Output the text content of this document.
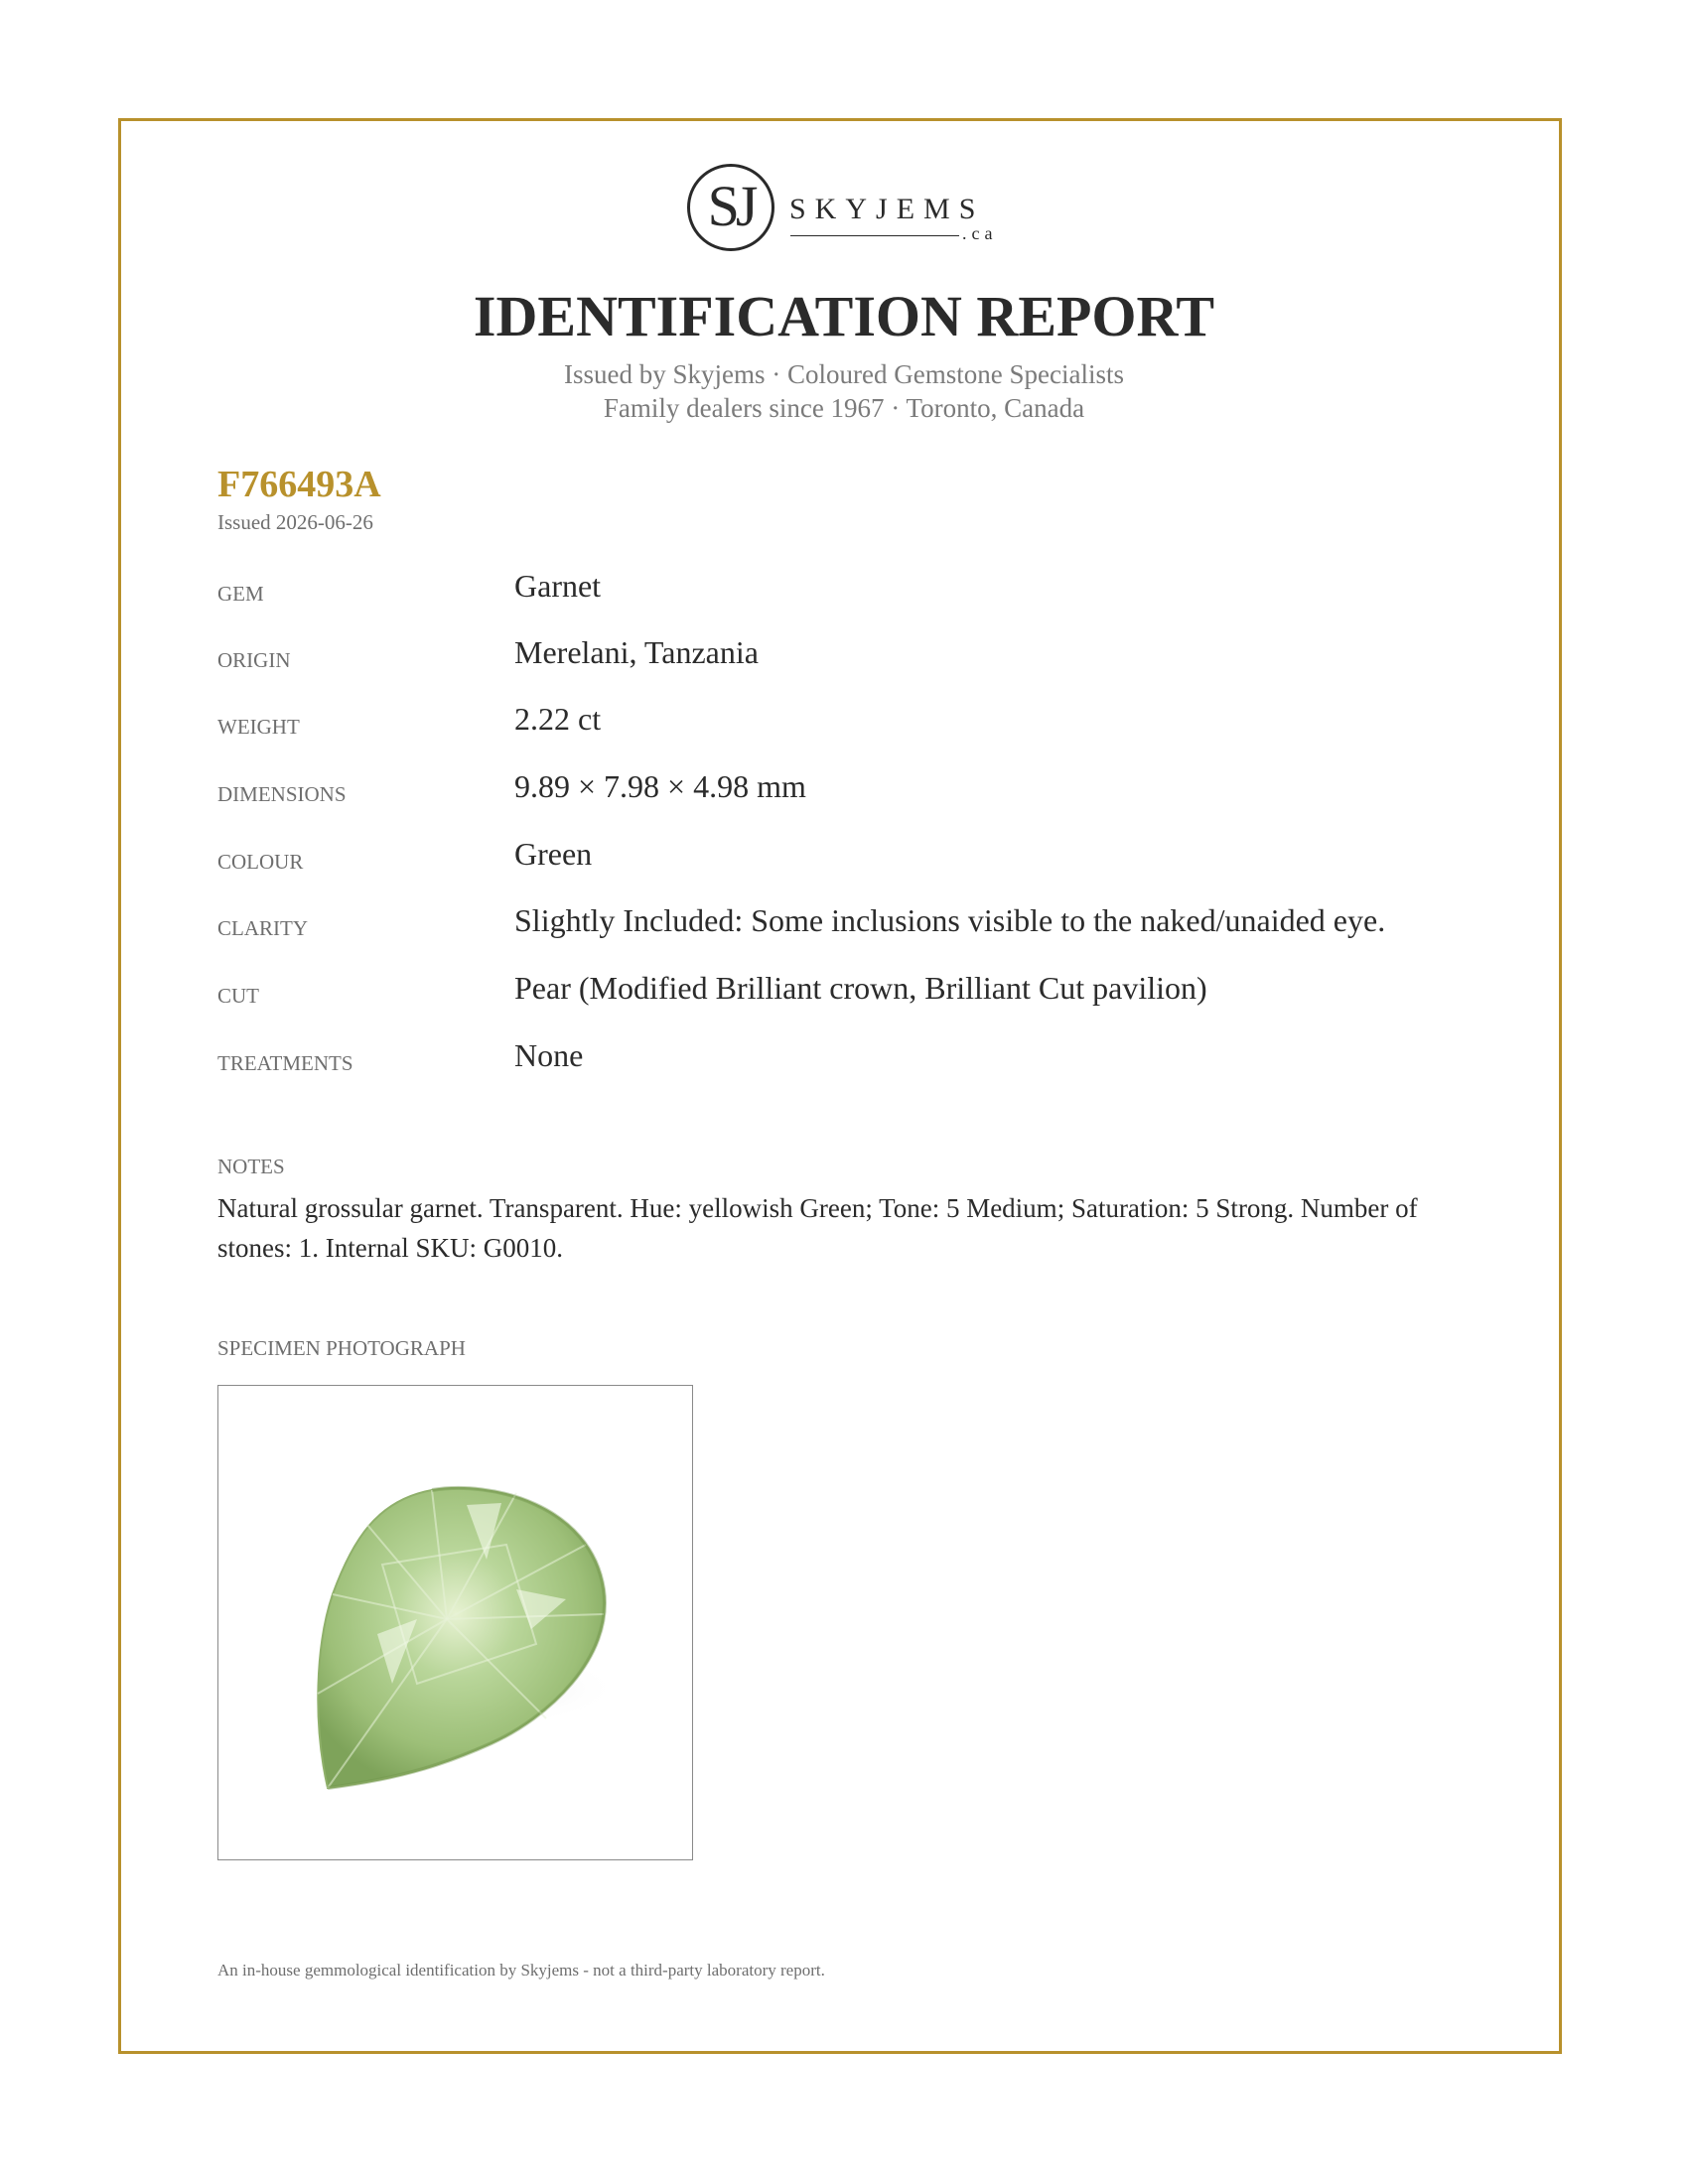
SJ	SKYJEMS
.ca
IDENTIFICATION REPORT
Issued by Skyjems · Coloured Gemstone Specialists
Family dealers since 1967 · Toronto, Canada
F766493A
Issued 2026-06-26
GEM	Garnet
ORIGIN	Merelani, Tanzania
WEIGHT	2.22 ct
DIMENSIONS	9.89 × 7.98 × 4.98 mm
COLOUR	Green
CLARITY	Slightly Included: Some inclusions visible to the naked/unaided eye.
CUT	Pear (Modified Brilliant crown, Brilliant Cut pavilion)
TREATMENTS	None
NOTES
Natural grossular garnet. Transparent. Hue: yellowish Green; Tone: 5 Medium; Saturation: 5 Strong. Number of stones: 1. Internal SKU: G0010.
SPECIMEN PHOTOGRAPH
An in-house gemmological identification by Skyjems - not a third-party laboratory report.
